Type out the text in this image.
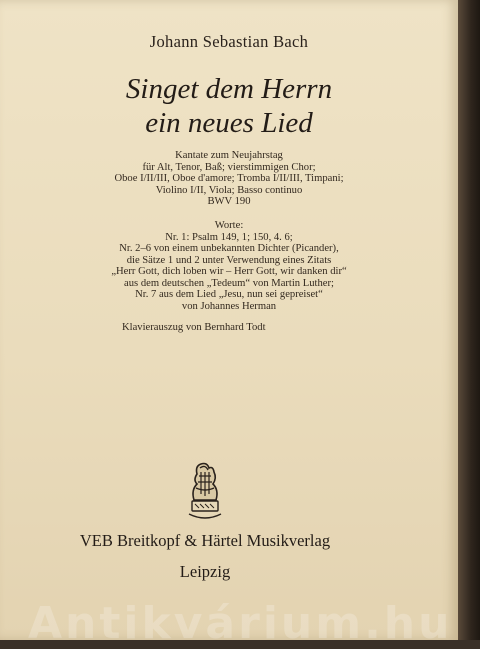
Johann Sebastian Bach
Singet dem Herrn
ein neues Lied
Kantate zum Neujahrstag
für Alt, Tenor, Baß; vierstimmigen Chor;
Oboe I/II/III, Oboe d'amore; Tromba I/II/III, Timpani;
Violino I/II, Viola; Basso continuo
BWV 190
Worte:
Nr. 1: Psalm 149, 1; 150, 4. 6;
Nr. 2–6 von einem unbekannten Dichter (Picander),
die Sätze 1 und 2 unter Verwendung eines Zitats
„Herr Gott, dich loben wir – Herr Gott, wir danken dir“
aus dem deutschen „Tedeum“ von Martin Luther;
Nr. 7 aus dem Lied „Jesu, nun sei gepreiset“
von Johannes Herman
Klavierauszug von Bernhard Todt
VEB Breitkopf & Härtel Musikverlag
Leipzig
Antikvárium.hu
